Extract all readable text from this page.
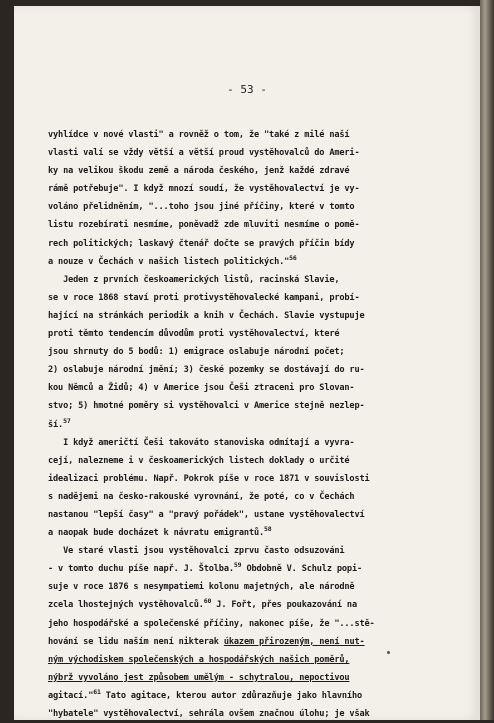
- 53 -
vyhlídce v nové vlasti" a rovněž o tom, že "také z milé naší
vlasti valí se vždy větší a větší proud vystěhovalců do Ameri-
ky na velikou škodu země a národa českého, jenž každé zdravé
rámě potřebuje". I když mnozí soudí, že vystěhovalectví je vy-
voláno přelidněním, "...toho jsou jiné příčiny, které v tomto
listu rozebírati nesmíme, poněvadž zde mluviti nesmíme o pomě-
rech politických; laskavý čtenář dočte se pravých příčin bídy
a nouze v Čechách v našich listech politických."$^{56}$
Jeden z prvních českoamerických listů, racinská Slavie,
se v roce 1868 staví proti protivystěhovalecké kampani, probí-
hající na stránkách periodik a knih v Čechách. Slavie vystupuje
proti těmto tendencím důvodům proti vystěhovalectví, které
jsou shrnuty do 5 bodů: 1) emigrace oslabuje národní počet;
2) oslabuje národní jmění; 3) české pozemky se dostávají do ru-
kou Němců a Židů; 4) v Americe jsou Češi ztraceni pro Slovan-
stvo; 5) hmotné poměry si vystěhovalci v Americe stejně nezlep-
ší.$^{57}$
I když američtí Češi takováto stanoviska odmítají a vyvra-
cejí, nalezneme i v českoamerických listech doklady o určité
idealizaci problému. Např. Pokrok píše v roce 1871 v souvislosti
s nadějemi na česko-rakouské vyrovnání, že poté, co v Čechách
nastanou "lepší časy" a "pravý pořádek", ustane vystěhovalectví
a naopak bude docházet k návratu emigrantů.$^{58}$
Ve staré vlasti jsou vystěhovalci zprvu často odsuzováni
- v tomto duchu píše např. J. Štolba.$^{59}$ Obdobně V. Schulz popi-
suje v roce 1876 s nesympatiemi kolonu majetných, ale národně
zcela lhostejných vystěhovalců.$^{60}$ J. Fořt, přes poukazování na
jeho hospodářské a společenské příčiny, nakonec píše, že "...stě-
hování se lidu naším není nikterak úkazem přirozeným, není nut-
ným východiskem společenských a hospodářských našich poměrů,
nýbrž vyvoláno jest způsobem umělým - schytralou, nepoctivou
agitací."$^{61}$ Tato agitace, kterou autor zdůrazňuje jako hlavního
"hybatele" vystěhovalectví, sehrála ovšem značnou úlohu; je však
